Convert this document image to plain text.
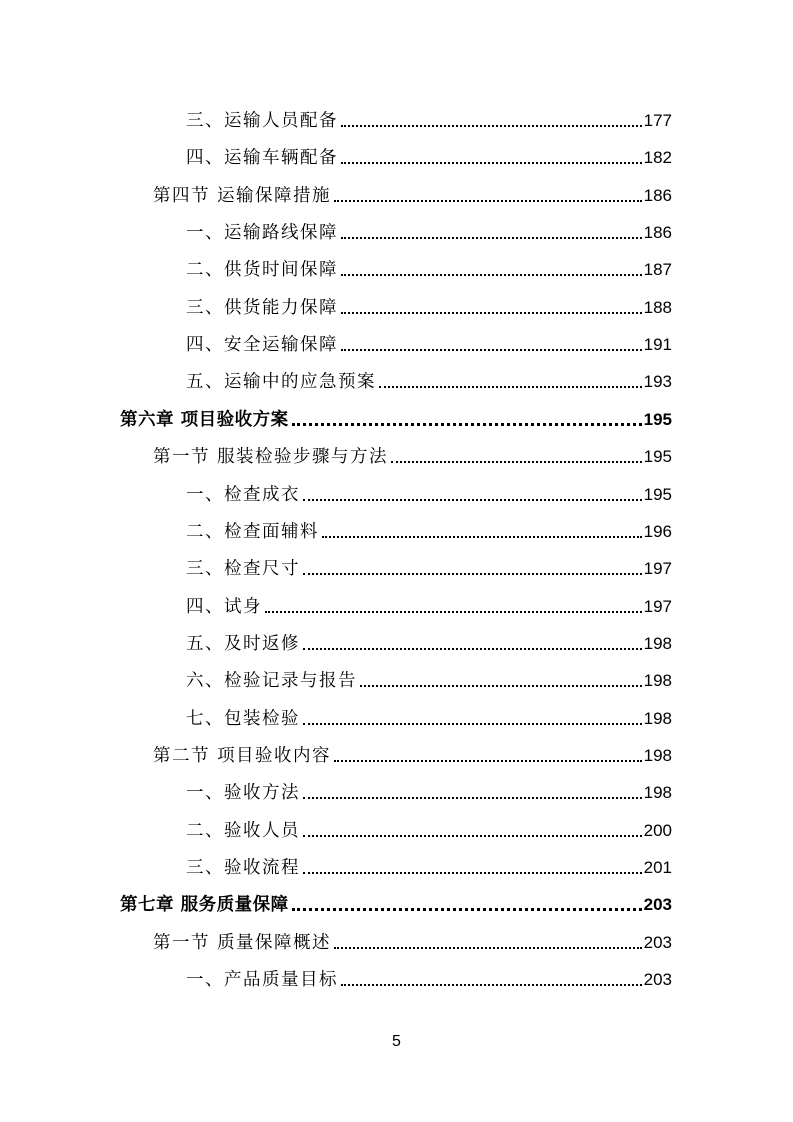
三、运输人员配备	177
四、运输车辆配备	182
第四节 运输保障措施	186
一、运输路线保障	186
二、供货时间保障	187
三、供货能力保障	188
四、安全运输保障	191
五、运输中的应急预案	193
第六章 项目验收方案	195
第一节 服装检验步骤与方法	195
一、检查成衣	195
二、检查面辅料	196
三、检查尺寸	197
四、试身	197
五、及时返修	198
六、检验记录与报告	198
七、包装检验	198
第二节 项目验收内容	198
一、验收方法	198
二、验收人员	200
三、验收流程	201
第七章 服务质量保障	203
第一节 质量保障概述	203
一、产品质量目标	203
5
